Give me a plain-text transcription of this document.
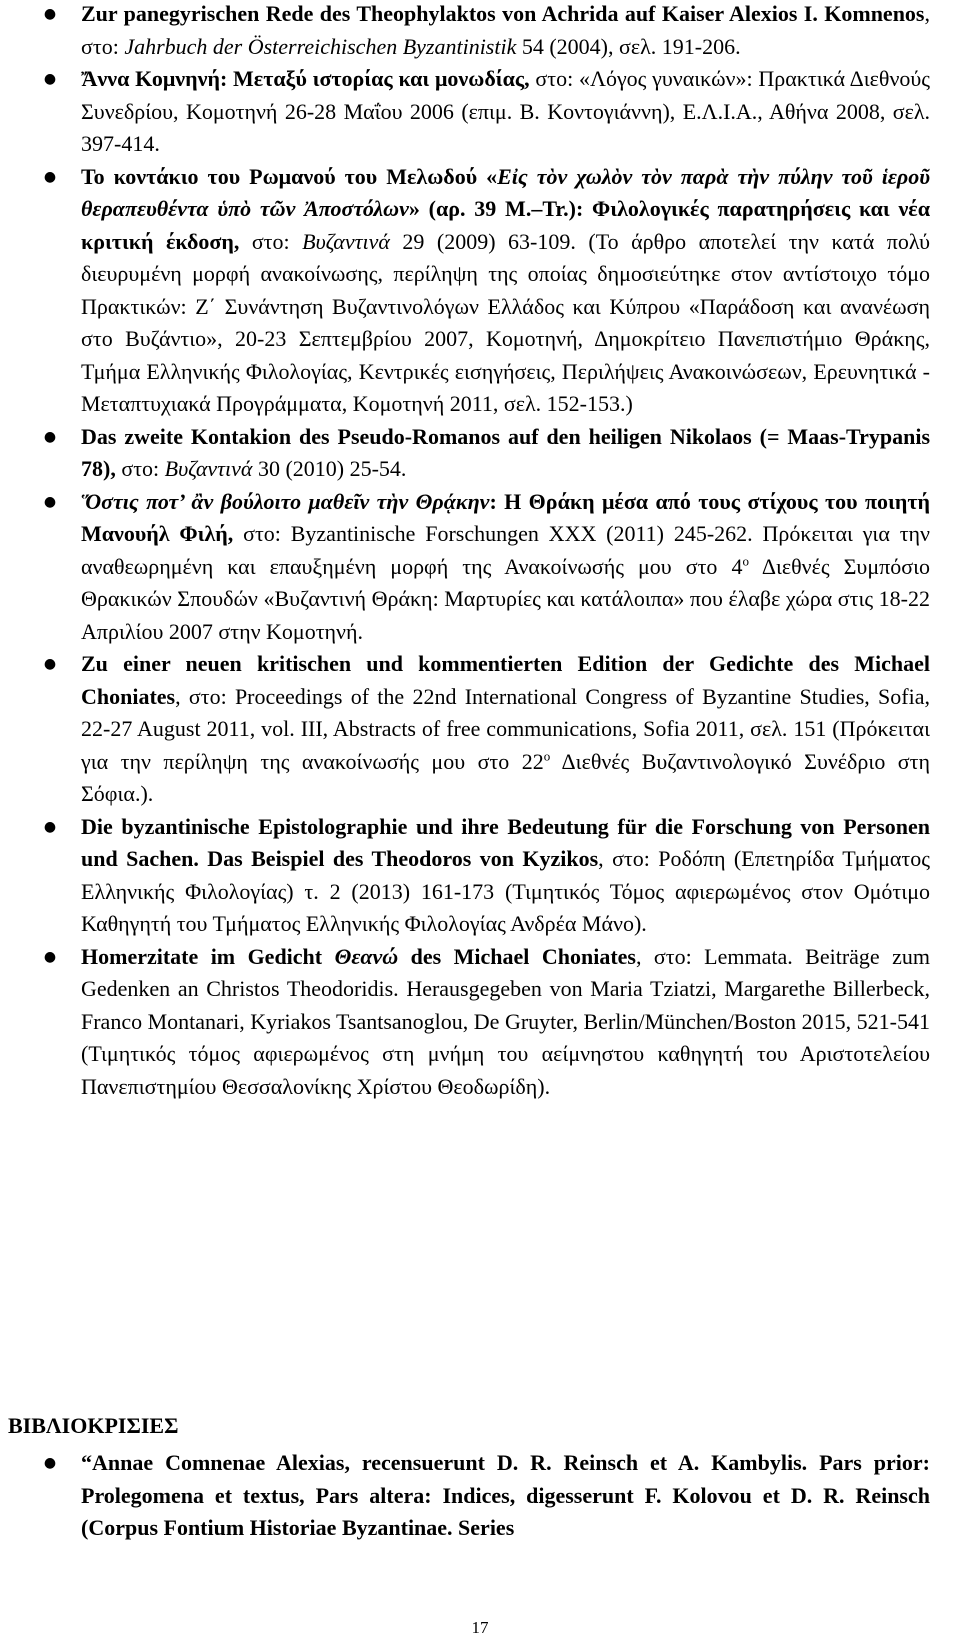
● Zur panegyrischen Rede des Theophylaktos von Achrida auf Kaiser Alexios I. Komnenos, στο: Jahrbuch der Österreichischen Byzantinistik 54 (2004), σελ. 191-206.
● Ἄννα Κομνηνή: Μεταξύ ιστορίας και μονωδίας, στο: «Λόγος γυναικών»: Πρακτικά Διεθνούς Συνεδρίου, Κομοτηνή 26-28 Μαΐου 2006 (επιμ. Β. Κοντογιάννη), Ε.Λ.Ι.Α., Αθήνα 2008, σελ. 397-414.
● Το κοντάκιο του Ρωμανού του Μελωδού «Εἰς τὸν χωλὸν τὸν παρὰ τὴν πύλην τοῦ ἱεροῦ θεραπευθέντα ὑπὸ τῶν Ἀποστόλων» (αρ. 39 M.‒Tr.): Φιλολογικές παρατηρήσεις και νέα κριτική έκδοση, στο: Βυζαντινά 29 (2009) 63-109. (Το άρθρο αποτελεί την κατά πολύ διευρυμένη μορφή ανακοίνωσης, περίληψη της οποίας δημοσιεύτηκε στον αντίστοιχο τόμο Πρακτικών: Ζ΄ Συνάντηση Βυζαντινολόγων Ελλάδος και Κύπρου «Παράδοση και ανανέωση στο Βυζάντιο», 20-23 Σεπτεμβρίου 2007, Κομοτηνή, Δημοκρίτειο Πανεπιστήμιο Θράκης, Τμήμα Ελληνικής Φιλολογίας, Κεντρικές εισηγήσεις, Περιλήψεις Ανακοινώσεων, Ερευνητικά - Μεταπτυχιακά Προγράμματα, Κομοτηνή 2011, σελ. 152-153.)
● Das zweite Kontakion des Pseudo-Romanos auf den heiligen Nikolaos (= Maas-Trypanis 78), στο: Βυζαντινά 30 (2010) 25-54.
● Ὅστις ποτ’ ἂν βούλοιτο μαθεῖν τὴν Θρᾴκην: Η Θράκη μέσα από τους στίχους του ποιητή Μανουήλ Φιλή, στο: Byzantinische Forschungen XXX (2011) 245-262. Πρόκειται για την αναθεωρημένη και επαυξημένη μορφή της Ανακοίνωσής μου στο $4^o$ Διεθνές Συμπόσιο Θρακικών Σπουδών «Βυζαντινή Θράκη: Μαρτυρίες και κατάλοιπα» που έλαβε χώρα στις 18-22 Απριλίου 2007 στην Κομοτηνή.
● Zu einer neuen kritischen und kommentierten Edition der Gedichte des Michael Choniates, στο: Proceedings of the 22nd International Congress of Byzantine Studies, Sofia, 22-27 August 2011, vol. III, Abstracts of free communications, Sofia 2011, σελ. 151 (Πρόκειται για την περίληψη της ανακοίνωσής μου στο $22^o$ Διεθνές Βυζαντινολογικό Συνέδριο στη Σόφια.).
● Die byzantinische Epistolographie und ihre Bedeutung für die Forschung von Personen und Sachen. Das Beispiel des Theodoros von Kyzikos, στο: Ροδόπη (Επετηρίδα Τμήματος Ελληνικής Φιλολογίας) τ. 2 (2013) 161-173 (Τιμητικός Τόμος αφιερωμένος στον Ομότιμο Καθηγητή του Τμήματος Ελληνικής Φιλολογίας Ανδρέα Μάνο).
● Homerzitate im Gedicht Θεανώ des Michael Choniates, στο: Lemmata. Beiträge zum Gedenken an Christos Theodoridis. Herausgegeben von Maria Tziatzi, Margarethe Billerbeck, Franco Montanari, Kyriakos Tsantsanoglou, De Gruyter, Berlin/München/Boston 2015, 521-541 (Τιμητικός τόμος αφιερωμένος στη μνήμη του αείμνηστου καθηγητή του Αριστοτελείου Πανεπιστημίου Θεσσαλονίκης Χρίστου Θεοδωρίδη).
ΒΙΒΛΙΟΚΡΙΣΙΕΣ
● “Annae Comnenae Alexias, recensuerunt D. R. Reinsch et A. Kambylis. Pars prior: Prolegomena et textus, Pars altera: Indices, digesserunt F. Kolovou et D. R. Reinsch (Corpus Fontium Historiae Byzantinae. Series
17
